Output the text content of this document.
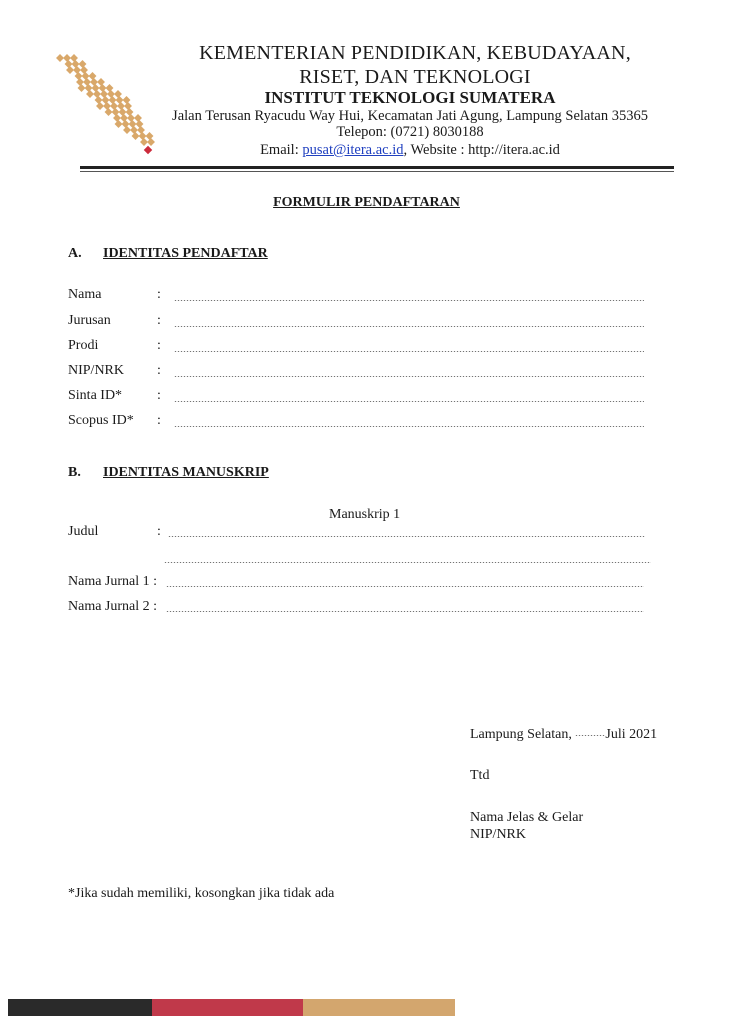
KEMENTERIAN PENDIDIKAN, KEBUDAYAAN,
RISET, DAN TEKNOLOGI
INSTITUT TEKNOLOGI SUMATERA
Jalan Terusan Ryacudu Way Hui, Kecamatan Jati Agung, Lampung Selatan 35365
Telepon: (0721) 8030188
Email: pusat@itera.ac.id, Website : http://itera.ac.id
FORMULIR PENDAFTARAN
A. IDENTITAS PENDAFTAR
Nama	:
Jurusan	:
Prodi	:
NIP/NRK :
Sinta ID* :
Scopus ID* :
B. IDENTITAS MANUSKRIP
Manuskrip 1
Judul	:
Nama Jurnal 1 :
Nama Jurnal 2 :
Lampung Selatan, Juli 2021
Ttd
Nama Jelas & Gelar
NIP/NRK
*Jika sudah memiliki, kosongkan jika tidak ada
